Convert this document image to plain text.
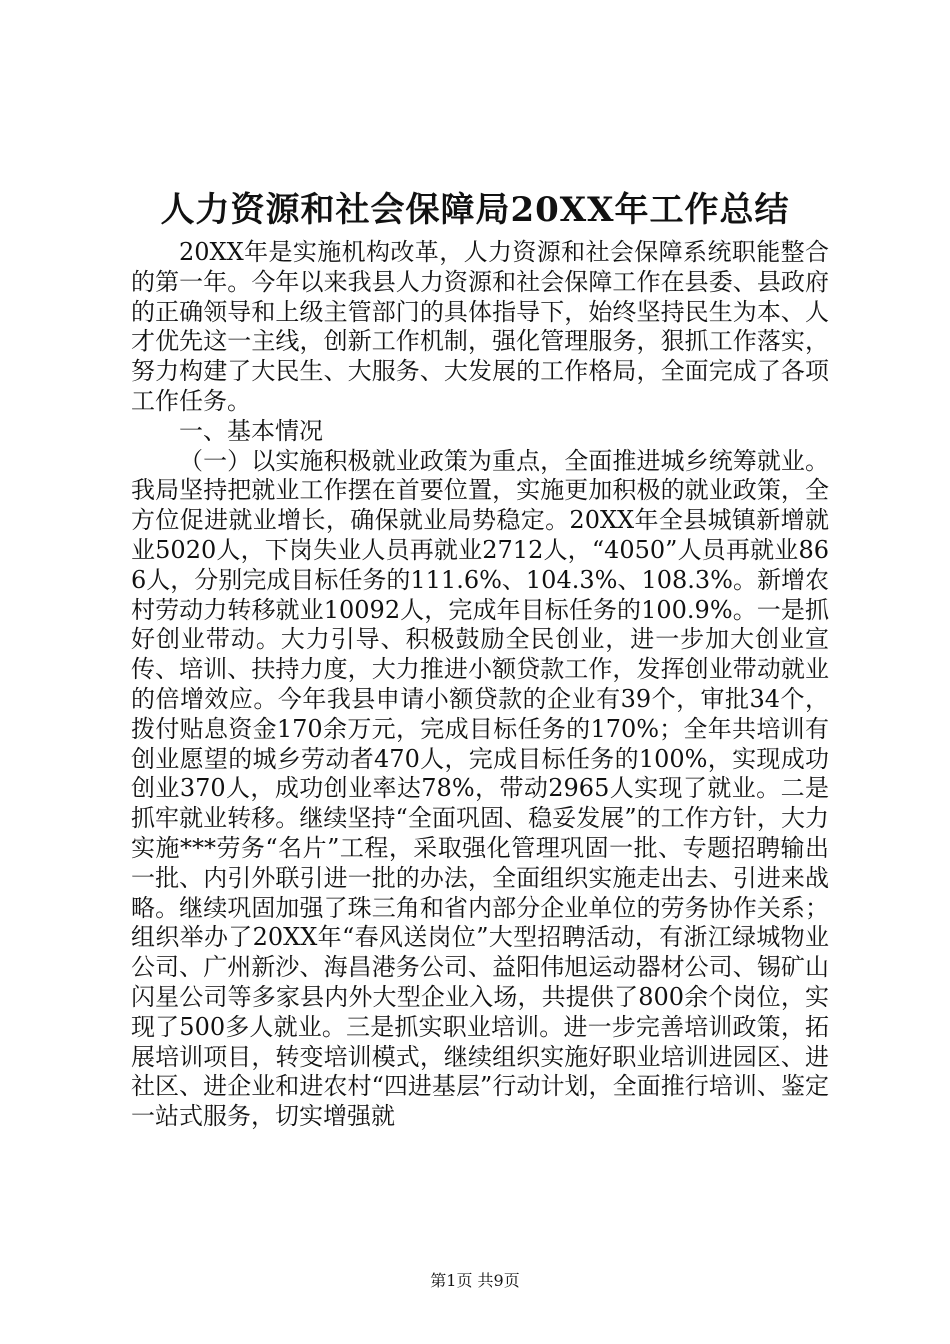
人力资源和社会保障局20XX年工作总结

20XX年是实施机构改革，人力资源和社会保障系统职能整合的第一年。今年以来我县人力资源和社会保障工作在县委、县政府的正确领导和上级主管部门的具体指导下，始终坚持民生为本、人才优先这一主线，创新工作机制，强化管理服务，狠抓工作落实，努力构建了大民生、大服务、大发展的工作格局，全面完成了各项工作任务。

一、基本情况

（一）以实施积极就业政策为重点，全面推进城乡统筹就业。我局坚持把就业工作摆在首要位置，实施更加积极的就业政策，全方位促进就业增长，确保就业局势稳定。20XX年全县城镇新增就业5020人，下岗失业人员再就业2712人，“4050”人员再就业866人，分别完成目标任务的111.6%、104.3%、108.3%。新增农村劳动力转移就业10092人，完成年目标任务的100.9%。一是抓好创业带动。大力引导、积极鼓励全民创业，进一步加大创业宣传、培训、扶持力度，大力推进小额贷款工作，发挥创业带动就业的倍增效应。今年我县申请小额贷款的企业有39个，审批34个，拨付贴息资金170余万元，完成目标任务的170%；全年共培训有创业愿望的城乡劳动者470人，完成目标任务的100%，实现成功创业370人，成功创业率达78%，带动2965人实现了就业。二是抓牢就业转移。继续坚持“全面巩固、稳妥发展”的工作方针，大力实施***劳务“名片”工程，采取强化管理巩固一批、专题招聘输出一批、内引外联引进一批的办法，全面组织实施走出去、引进来战略。继续巩固加强了珠三角和省内部分企业单位的劳务协作关系；组织举办了20XX年“春风送岗位”大型招聘活动，有浙江绿城物业公司、广州新沙、海昌港务公司、益阳伟旭运动器材公司、锡矿山闪星公司等多家县内外大型企业入场，共提供了800余个岗位，实现了500多人就业。三是抓实职业培训。进一步完善培训政策，拓展培训项目，转变培训模式，继续组织实施好职业培训进园区、进社区、进企业和进农村“四进基层”行动计划，全面推行培训、鉴定一站式服务，切实增强就

第1页 共9页
